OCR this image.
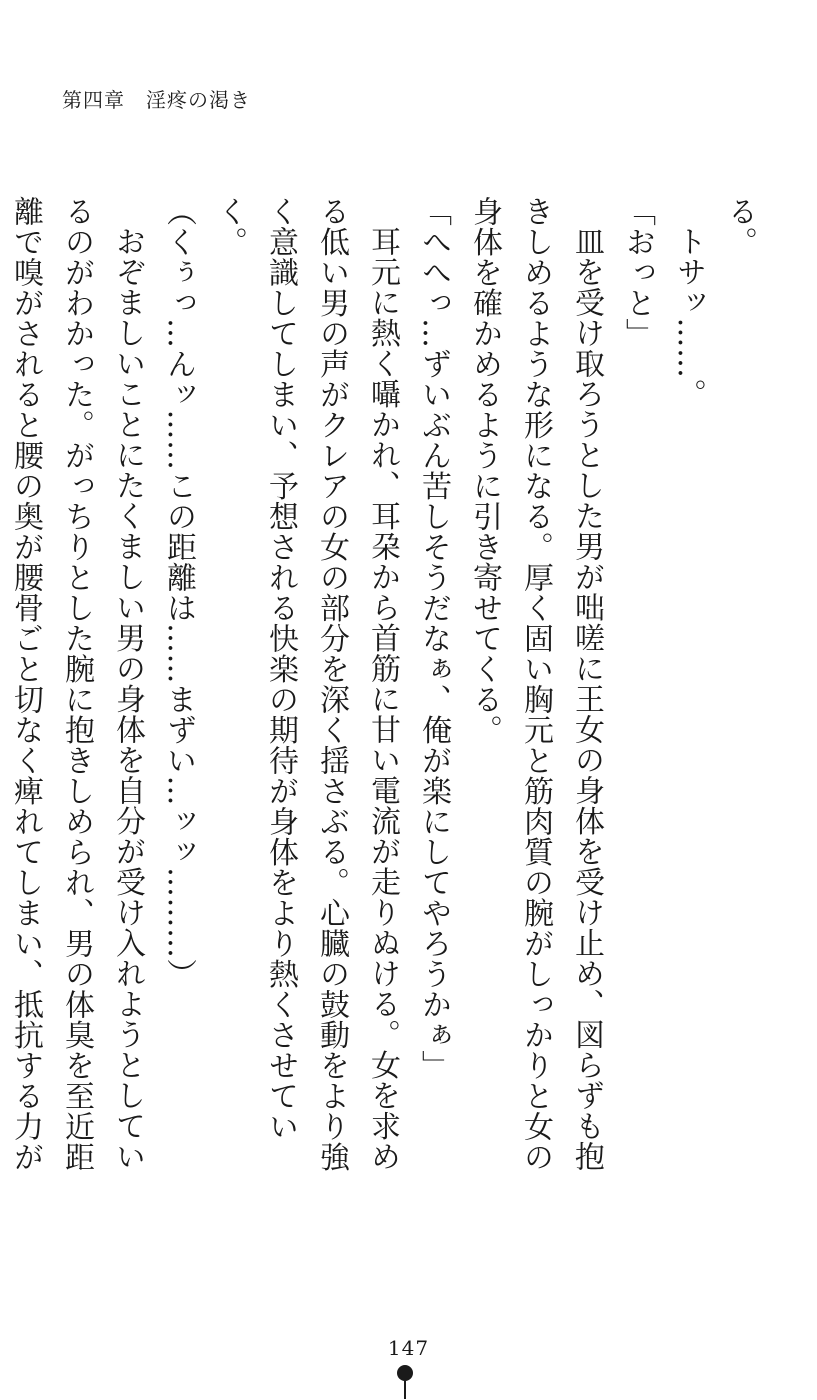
第四章　淫疼の渇き

る。

トサッ……。

「おっと」

皿を受け取ろうとした男が咄嗟に王女の身体を受け止め、図らずも抱きしめるような形になる。厚く固い胸元と筋肉質の腕がしっかりと女の身体を確かめるように引き寄せてくる。

「へへっ…ずいぶん苦しそうだなぁ、俺が楽にしてやろうかぁ」

耳元に熱く囁かれ、耳朶から首筋に甘い電流が走りぬける。女を求める低い男の声がクレアの女の部分を深く揺さぶる。心臓の鼓動をより強く意識してしまい、予想される快楽の期待が身体をより熱くさせていく。

（くぅっ…んッ……この距離は……まずい…ッッ………）

おぞましいことにたくましい男の身体を自分が受け入れようとしているのがわかった。がっちりとした腕に抱きしめられ、男の体臭を至近距離で嗅がされると腰の奥が腰骨ごと切なく痺れてしまい、抵抗する力が

147
